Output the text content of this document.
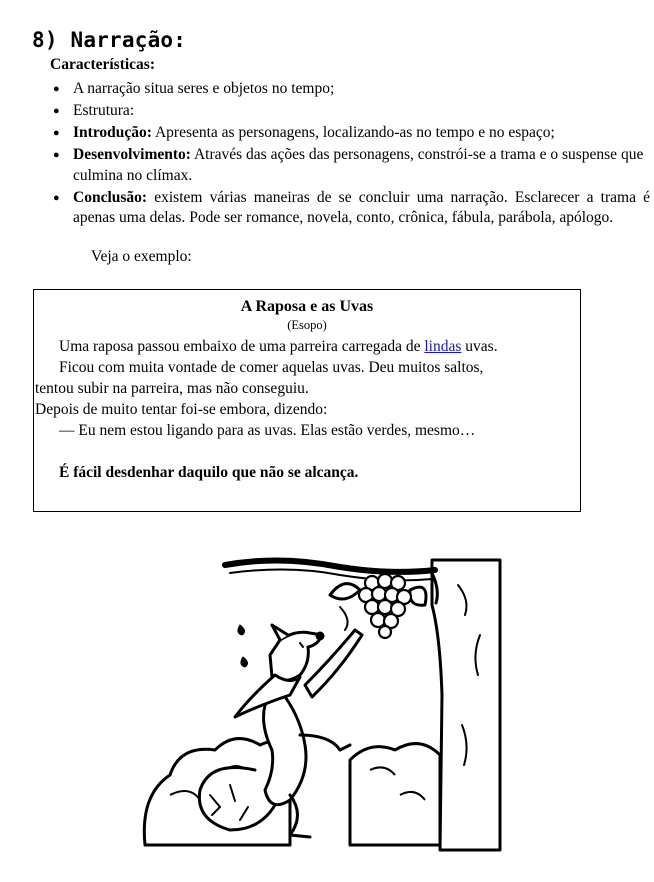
8) Narração:
Características:
● A narração situa seres e objetos no tempo;
● Estrutura:
● Introdução: Apresenta as personagens, localizando-as no tempo e no espaço;
● Desenvolvimento: Através das ações das personagens, constrói-se a trama e o suspense que culmina no clímax.
● Conclusão: existem várias maneiras de se concluir uma narração. Esclarecer a trama é apenas uma delas. Pode ser romance, novela, conto, crônica, fábula, parábola, apólogo.
Veja o exemplo:
A Raposa e as Uvas
(Esopo)
Uma raposa passou embaixo de uma parreira carregada de lindas uvas.
Ficou com muita vontade de comer aquelas uvas. Deu muitos saltos,
tentou subir na parreira, mas não conseguiu.
Depois de muito tentar foi-se embora, dizendo:
— Eu nem estou ligando para as uvas. Elas estão verdes, mesmo…
É fácil desdenhar daquilo que não se alcança.
